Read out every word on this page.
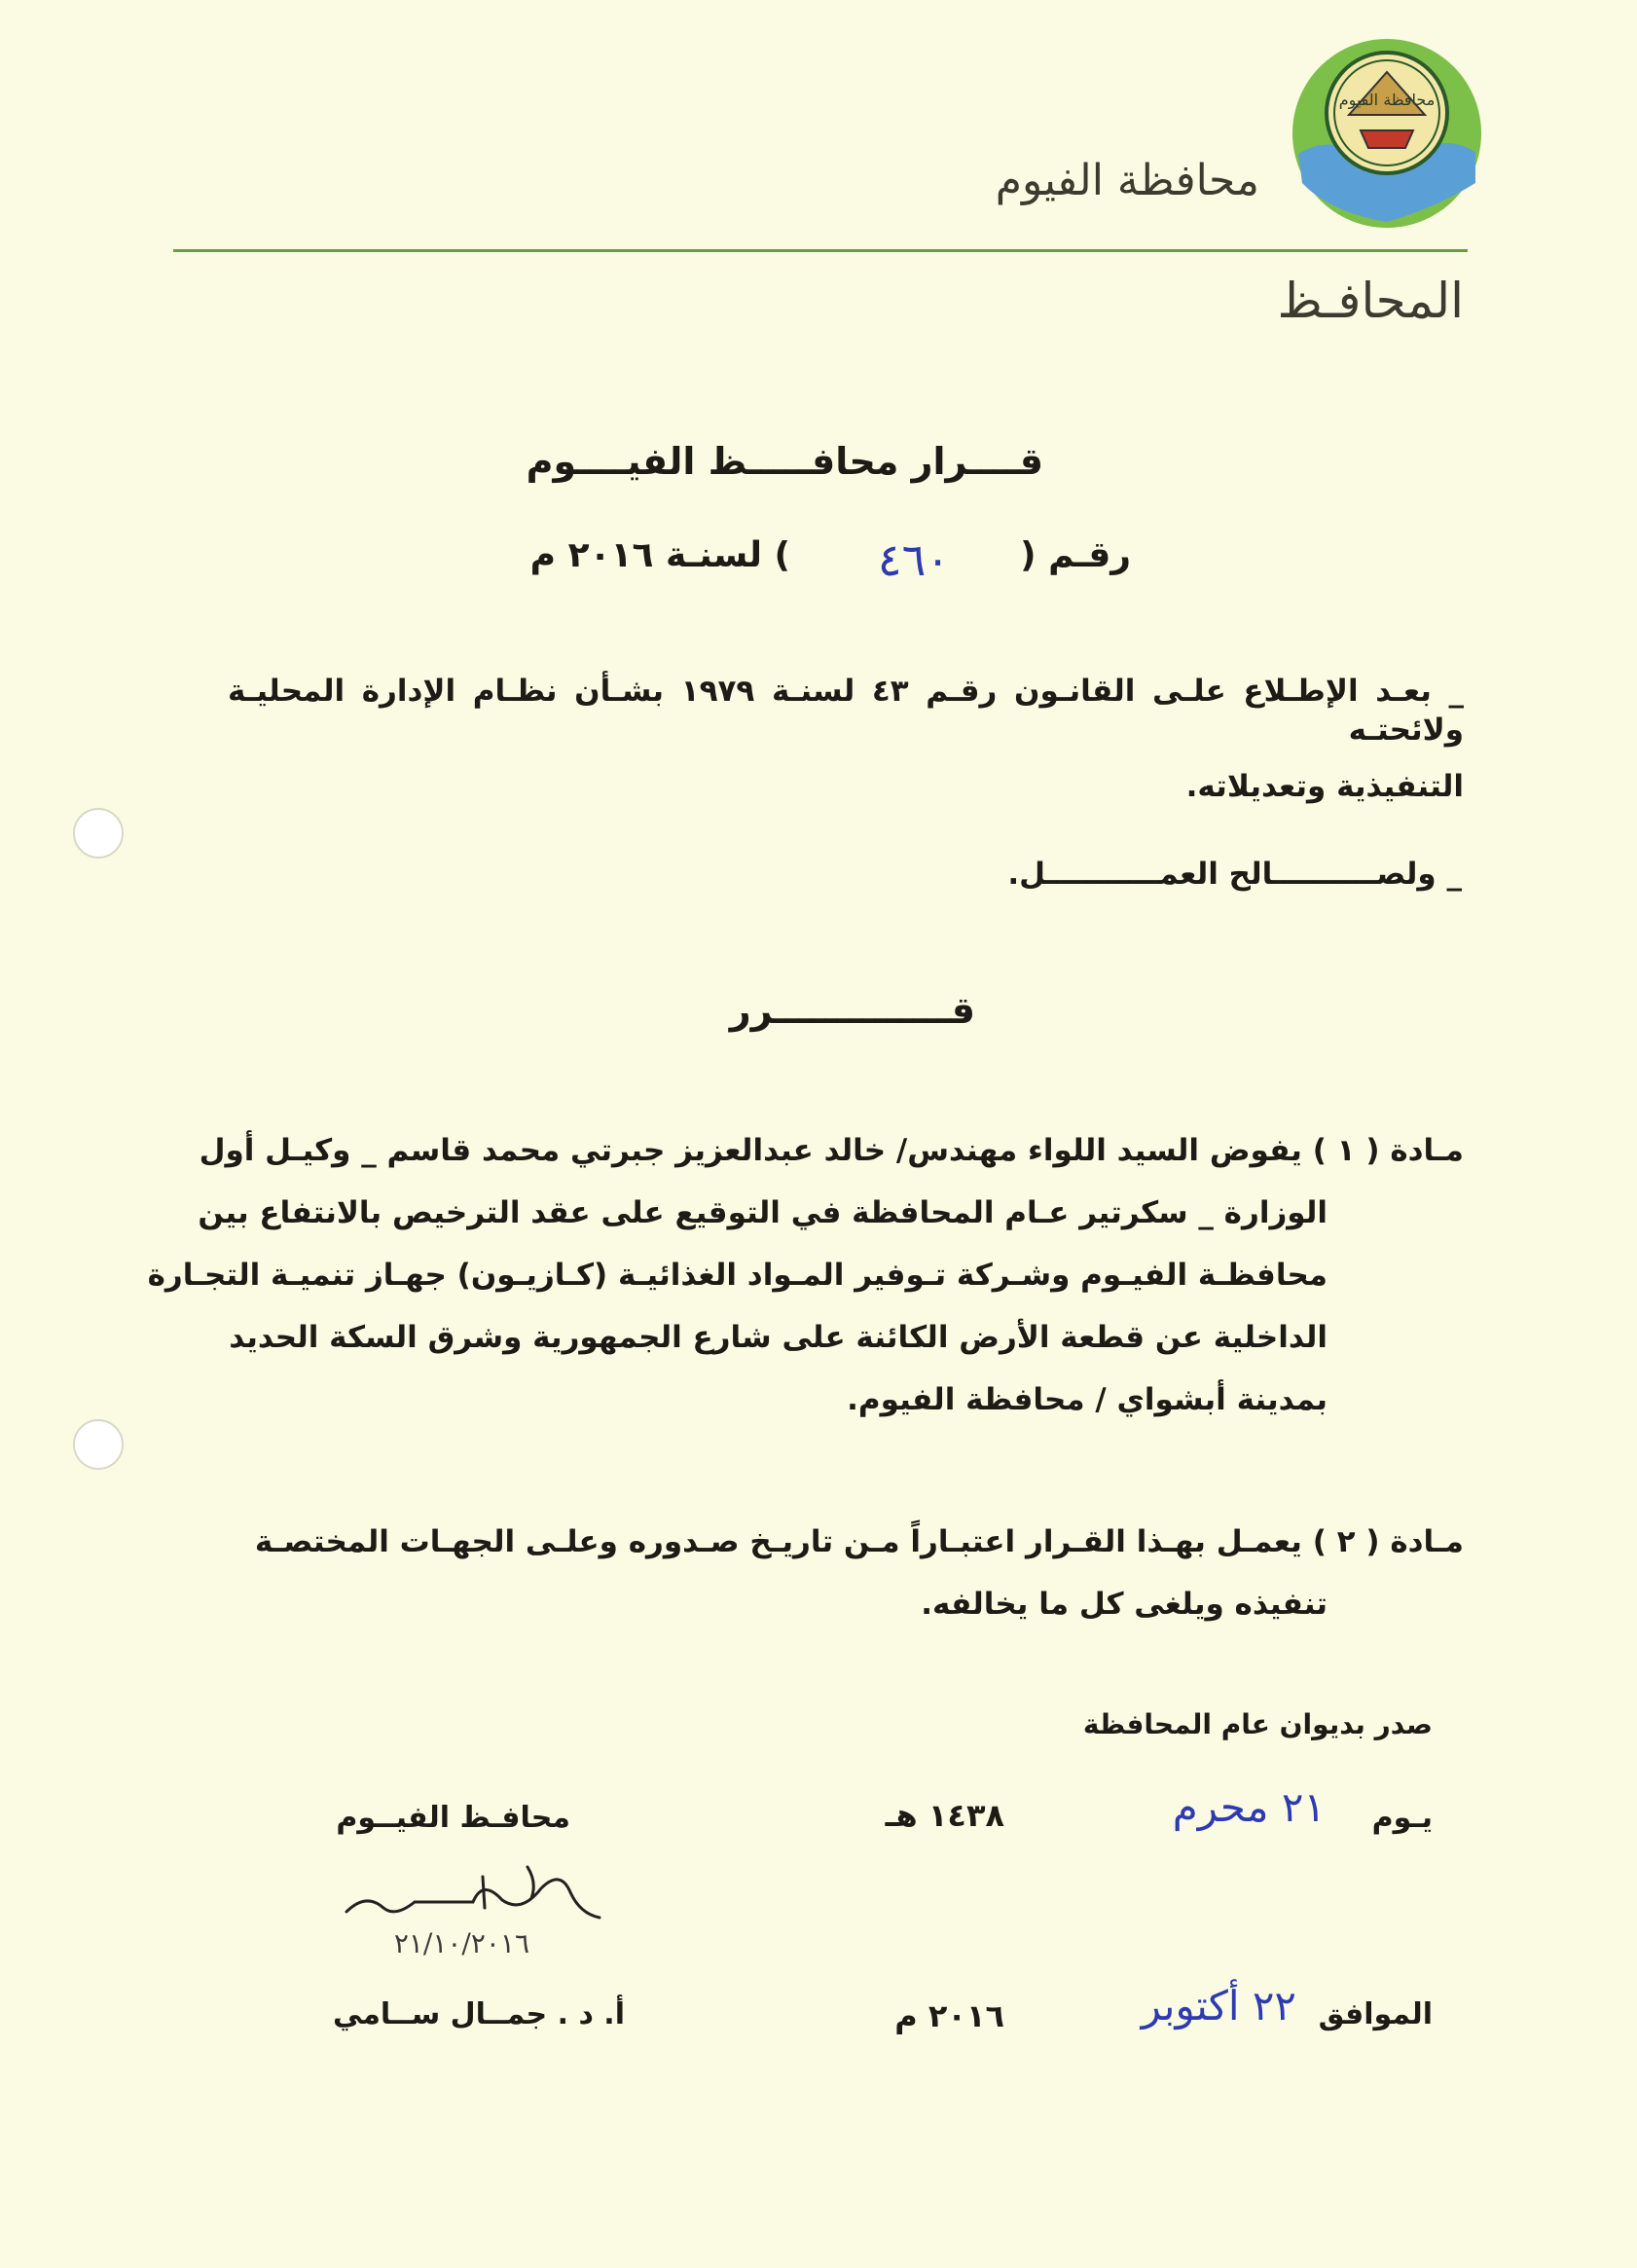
محافظة الفيوم
محافظة الفيوم
المحافـظ
قــــرار محافـــــظ الفيــــوم
رقـم (
٤٦٠
) لسنـة ٢٠١٦ م
_ بعـد الإطـلاع علـى القانـون رقـم ٤٣ لسنـة ١٩٧٩ بشـأن نظـام الإدارة المحليـة ولائحتـه
التنفيذية وتعديلاته.
_ ولصــــــــــالح العمـــــــــــل.
قــــــــــــــرر
مـادة ( ١ ) يفوض السيد اللواء مهندس/ خالد عبدالعزيز جبرتي محمد قاسم _ وكيـل أول
الوزارة _ سكرتير عـام المحافظة في التوقيع على عقد الترخيص بالانتفاع بين
محافظـة الفيـوم وشـركة تـوفير المـواد الغذائيـة (كـازيـون) جهـاز تنميـة التجـارة
الداخلية عن قطعة الأرض الكائنة على شارع الجمهورية وشرق السكة الحديد
بمدينة أبشواي / محافظة الفيوم.
مـادة ( ٢ ) يعمـل بهـذا القـرار اعتبـاراً مـن تاريـخ صـدوره وعلـى الجهـات المختصـة
تنفيذه ويلغى كل ما يخالفه.
صدر بديوان عام المحافظة
يـوم
٢١ محرم
١٤٣٨ هـ
الموافق
٢٢ أكتوبر
٢٠١٦ م
محافـظ الفيــوم
٢١/١٠/٢٠١٦
أ. د . جمــال ســامي
